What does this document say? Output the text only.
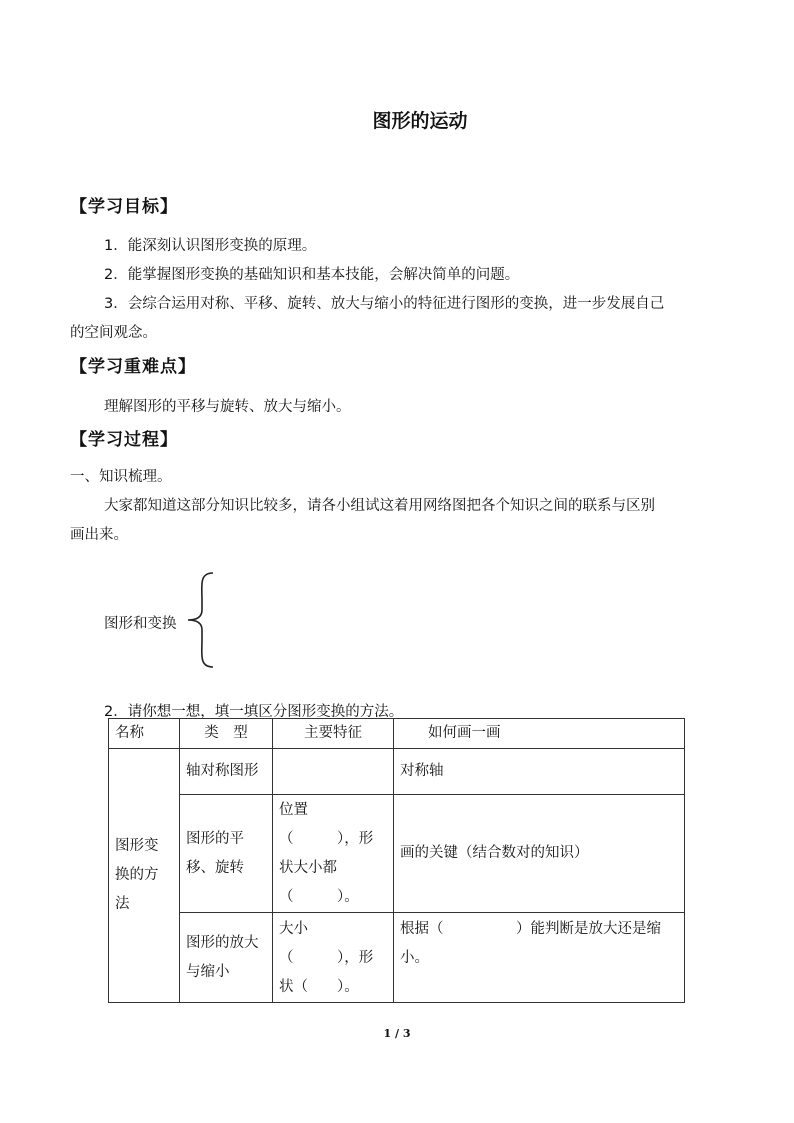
图形的运动
【学习目标】
1．能深刻认识图形变换的原理。
2．能掌握图形变换的基础知识和基本技能，会解决简单的问题。
3．会综合运用对称、平移、旋转、放大与缩小的特征进行图形的变换，进一步发展自己
的空间观念。
【学习重难点】
理解图形的平移与旋转、放大与缩小。
【学习过程】
一、知识梳理。
大家都知道这部分知识比较多，请各小组试这着用网络图把各个知识之间的联系与区别
画出来。
图形和变换
2．请你想一想，填一填区分图形变换的方法。
名称	类　型	主要特征	如何画一画

图形变
换的方
法	轴对称图形		对称轴

	图形的平
移、旋转	位置
（　　　），形
状大小都
（　　　）。	画的关键（结合数对的知识）

	图形的放大
与缩小	大小
（　　　），形
状（　　）。	根据（　　　　　）能判断是放大还是缩
小。
1 / 3
